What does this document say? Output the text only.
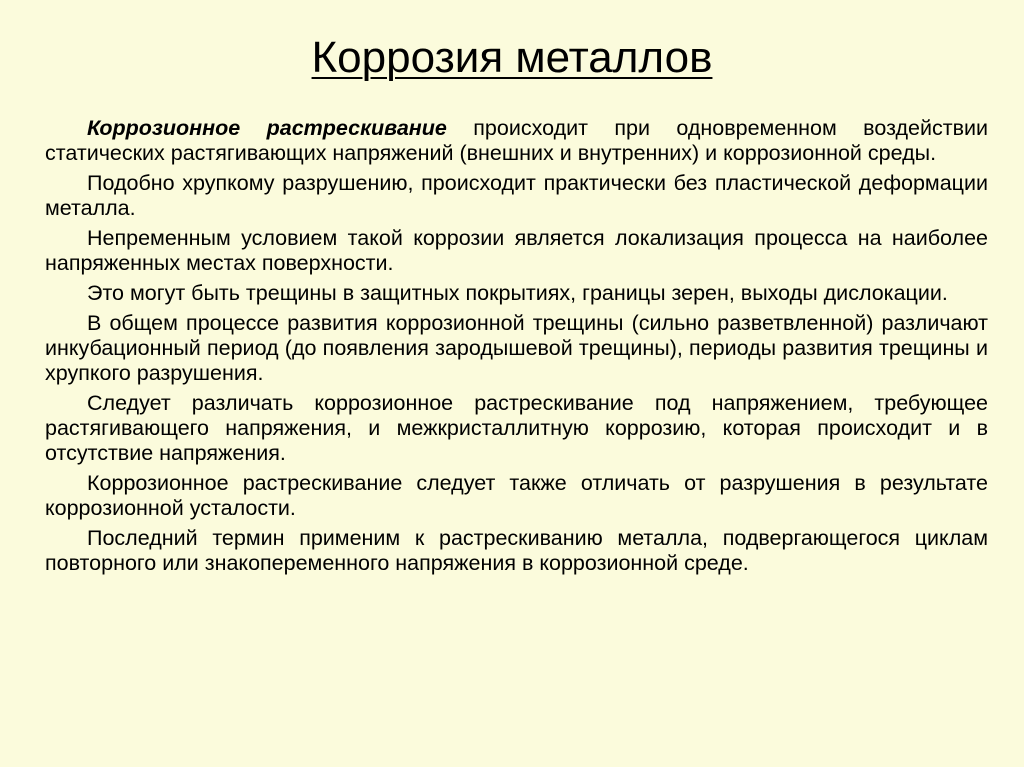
Коррозия металлов

Коррозионное растрескивание происходит при одновременном воздействии статических растягивающих напряжений (внешних и внутренних) и коррозионной среды.

Подобно хрупкому разрушению, происходит практически без пластической деформации металла.

Непременным условием такой коррозии является локализация процесса на наиболее напряженных местах поверхности.

Это могут быть трещины в защитных покрытиях, границы зерен, выходы дислокации.

В общем процессе развития коррозионной трещины (сильно разветвленной) различают инкубационный период (до появления зародышевой трещины), периоды развития трещины и хрупкого разрушения.

Следует различать коррозионное растрескивание под напряжением, требующее растягивающего напряжения, и межкристаллитную коррозию, которая происходит и в отсутствие напряжения.

Коррозионное растрескивание следует также отличать от разрушения в результате коррозионной усталости.

Последний термин применим к растрескиванию металла, подвергающегося циклам повторного или знакопеременного напряжения в коррозионной среде.
